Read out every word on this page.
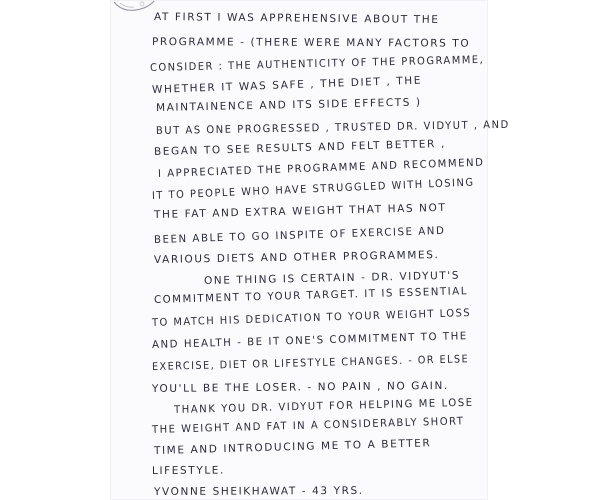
AT FIRST I WAS APPREHENSIVE ABOUT THE
PROGRAMME - (THERE WERE MANY FACTORS TO
CONSIDER : THE AUTHENTICITY OF THE PROGRAMME,
WHETHER IT WAS SAFE , THE DIET , THE
MAINTAINENCE AND ITS SIDE EFFECTS )
BUT AS ONE PROGRESSED , TRUSTED DR. VIDYUT , AND
BEGAN TO SEE RESULTS AND FELT BETTER ,
I APPRECIATED THE PROGRAMME AND RECOMMEND
IT TO PEOPLE WHO HAVE STRUGGLED WITH LOSING
THE FAT AND EXTRA WEIGHT THAT HAS NOT
BEEN ABLE TO GO INSPITE OF EXERCISE AND
VARIOUS DIETS AND OTHER PROGRAMMES.
ONE THING IS CERTAIN - DR. VIDYUT'S
COMMITMENT TO YOUR TARGET. IT IS ESSENTIAL
TO MATCH HIS DEDICATION TO YOUR WEIGHT LOSS
AND HEALTH - BE IT ONE'S COMMITMENT TO THE
EXERCISE, DIET OR LIFESTYLE CHANGES. - OR ELSE
YOU'LL BE THE LOSER. - NO PAIN , NO GAIN.
THANK YOU DR. VIDYUT FOR HELPING ME LOSE
THE WEIGHT AND FAT IN A CONSIDERABLY SHORT
TIME AND INTRODUCING ME TO A BETTER
LIFESTYLE.
YVONNE SHEIKHAWAT - 43 YRS.
